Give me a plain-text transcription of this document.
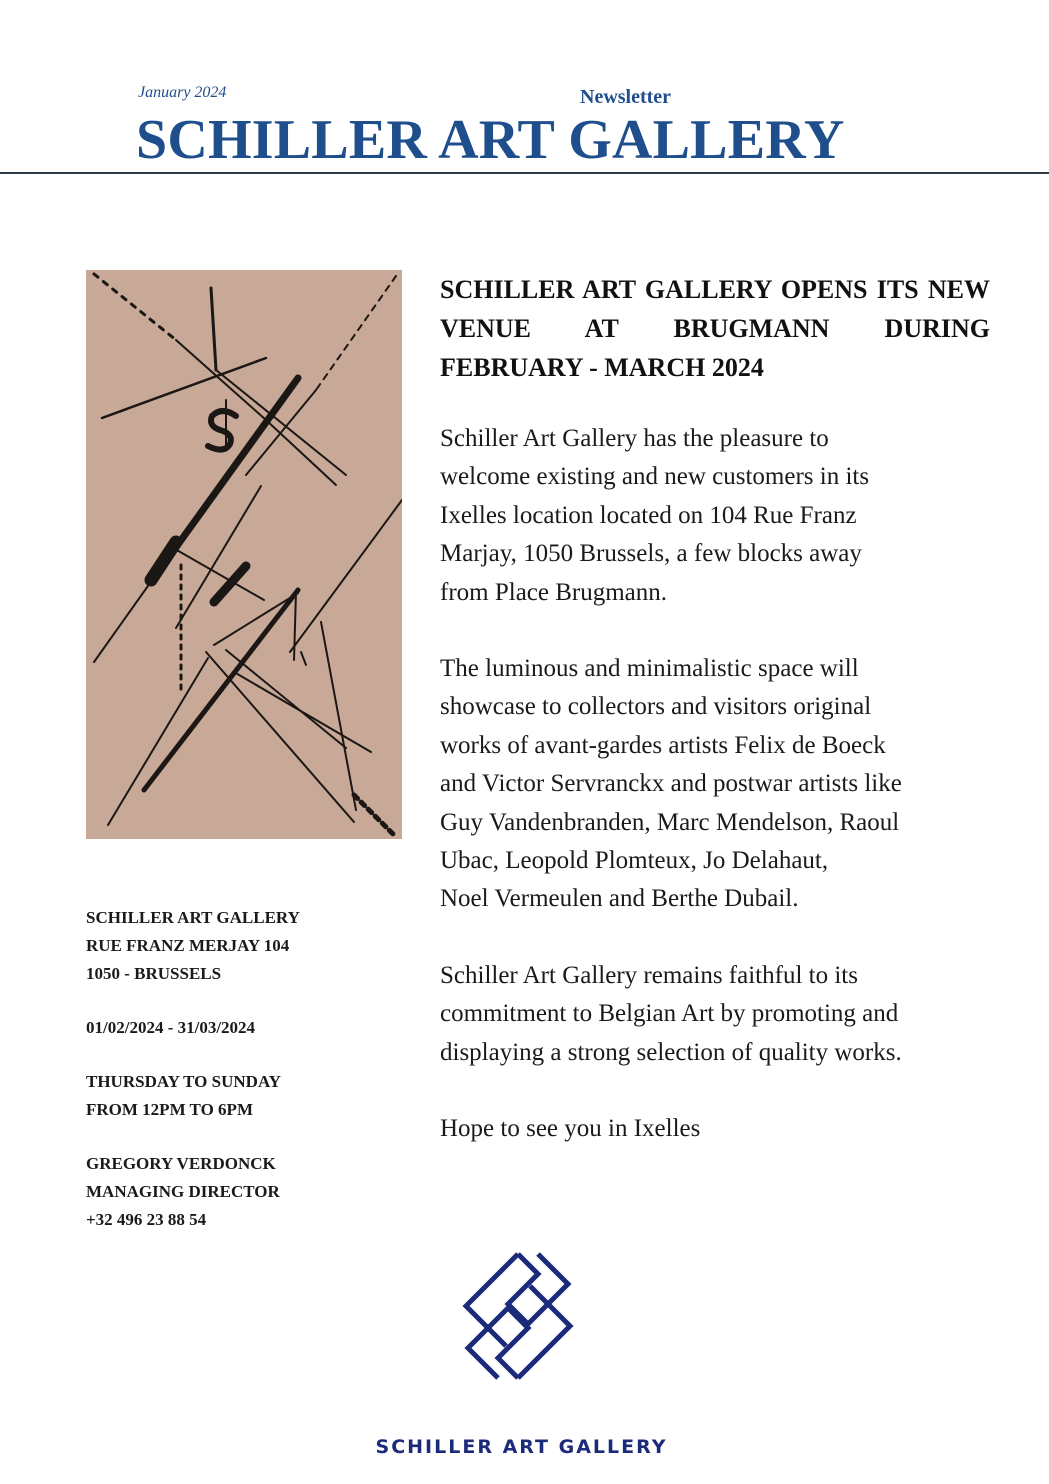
January 2024	Newsletter
SCHILLER ART GALLERY
SCHILLER ART GALLERY
RUE FRANZ MERJAY 104
1050 - BRUSSELS
01/02/2024 - 31/03/2024
THURSDAY TO SUNDAY
FROM 12PM TO 6PM
GREGORY VERDONCK
MANAGING DIRECTOR
+32 496 23 88 54
SCHILLER ART GALLERY OPENS ITS NEW VENUE AT BRUGMANN DURING FEBRUARY - MARCH 2024

Schiller Art Gallery has the pleasure to
welcome existing and new customers in its
Ixelles location located on 104 Rue Franz
Marjay, 1050 Brussels, a few blocks away
from Place Brugmann.

The luminous and minimalistic space will
showcase to collectors and visitors original
works of avant-gardes artists Felix de Boeck
and Victor Servranckx and postwar artists like
Guy Vandenbranden, Marc Mendelson, Raoul
Ubac, Leopold Plomteux, Jo Delahaut,
Noel Vermeulen and Berthe Dubail.

Schiller Art Gallery remains faithful to its
commitment to Belgian Art by promoting and
displaying a strong selection of quality works.

Hope to see you in Ixelles

SCHILLER ART GALLERY
